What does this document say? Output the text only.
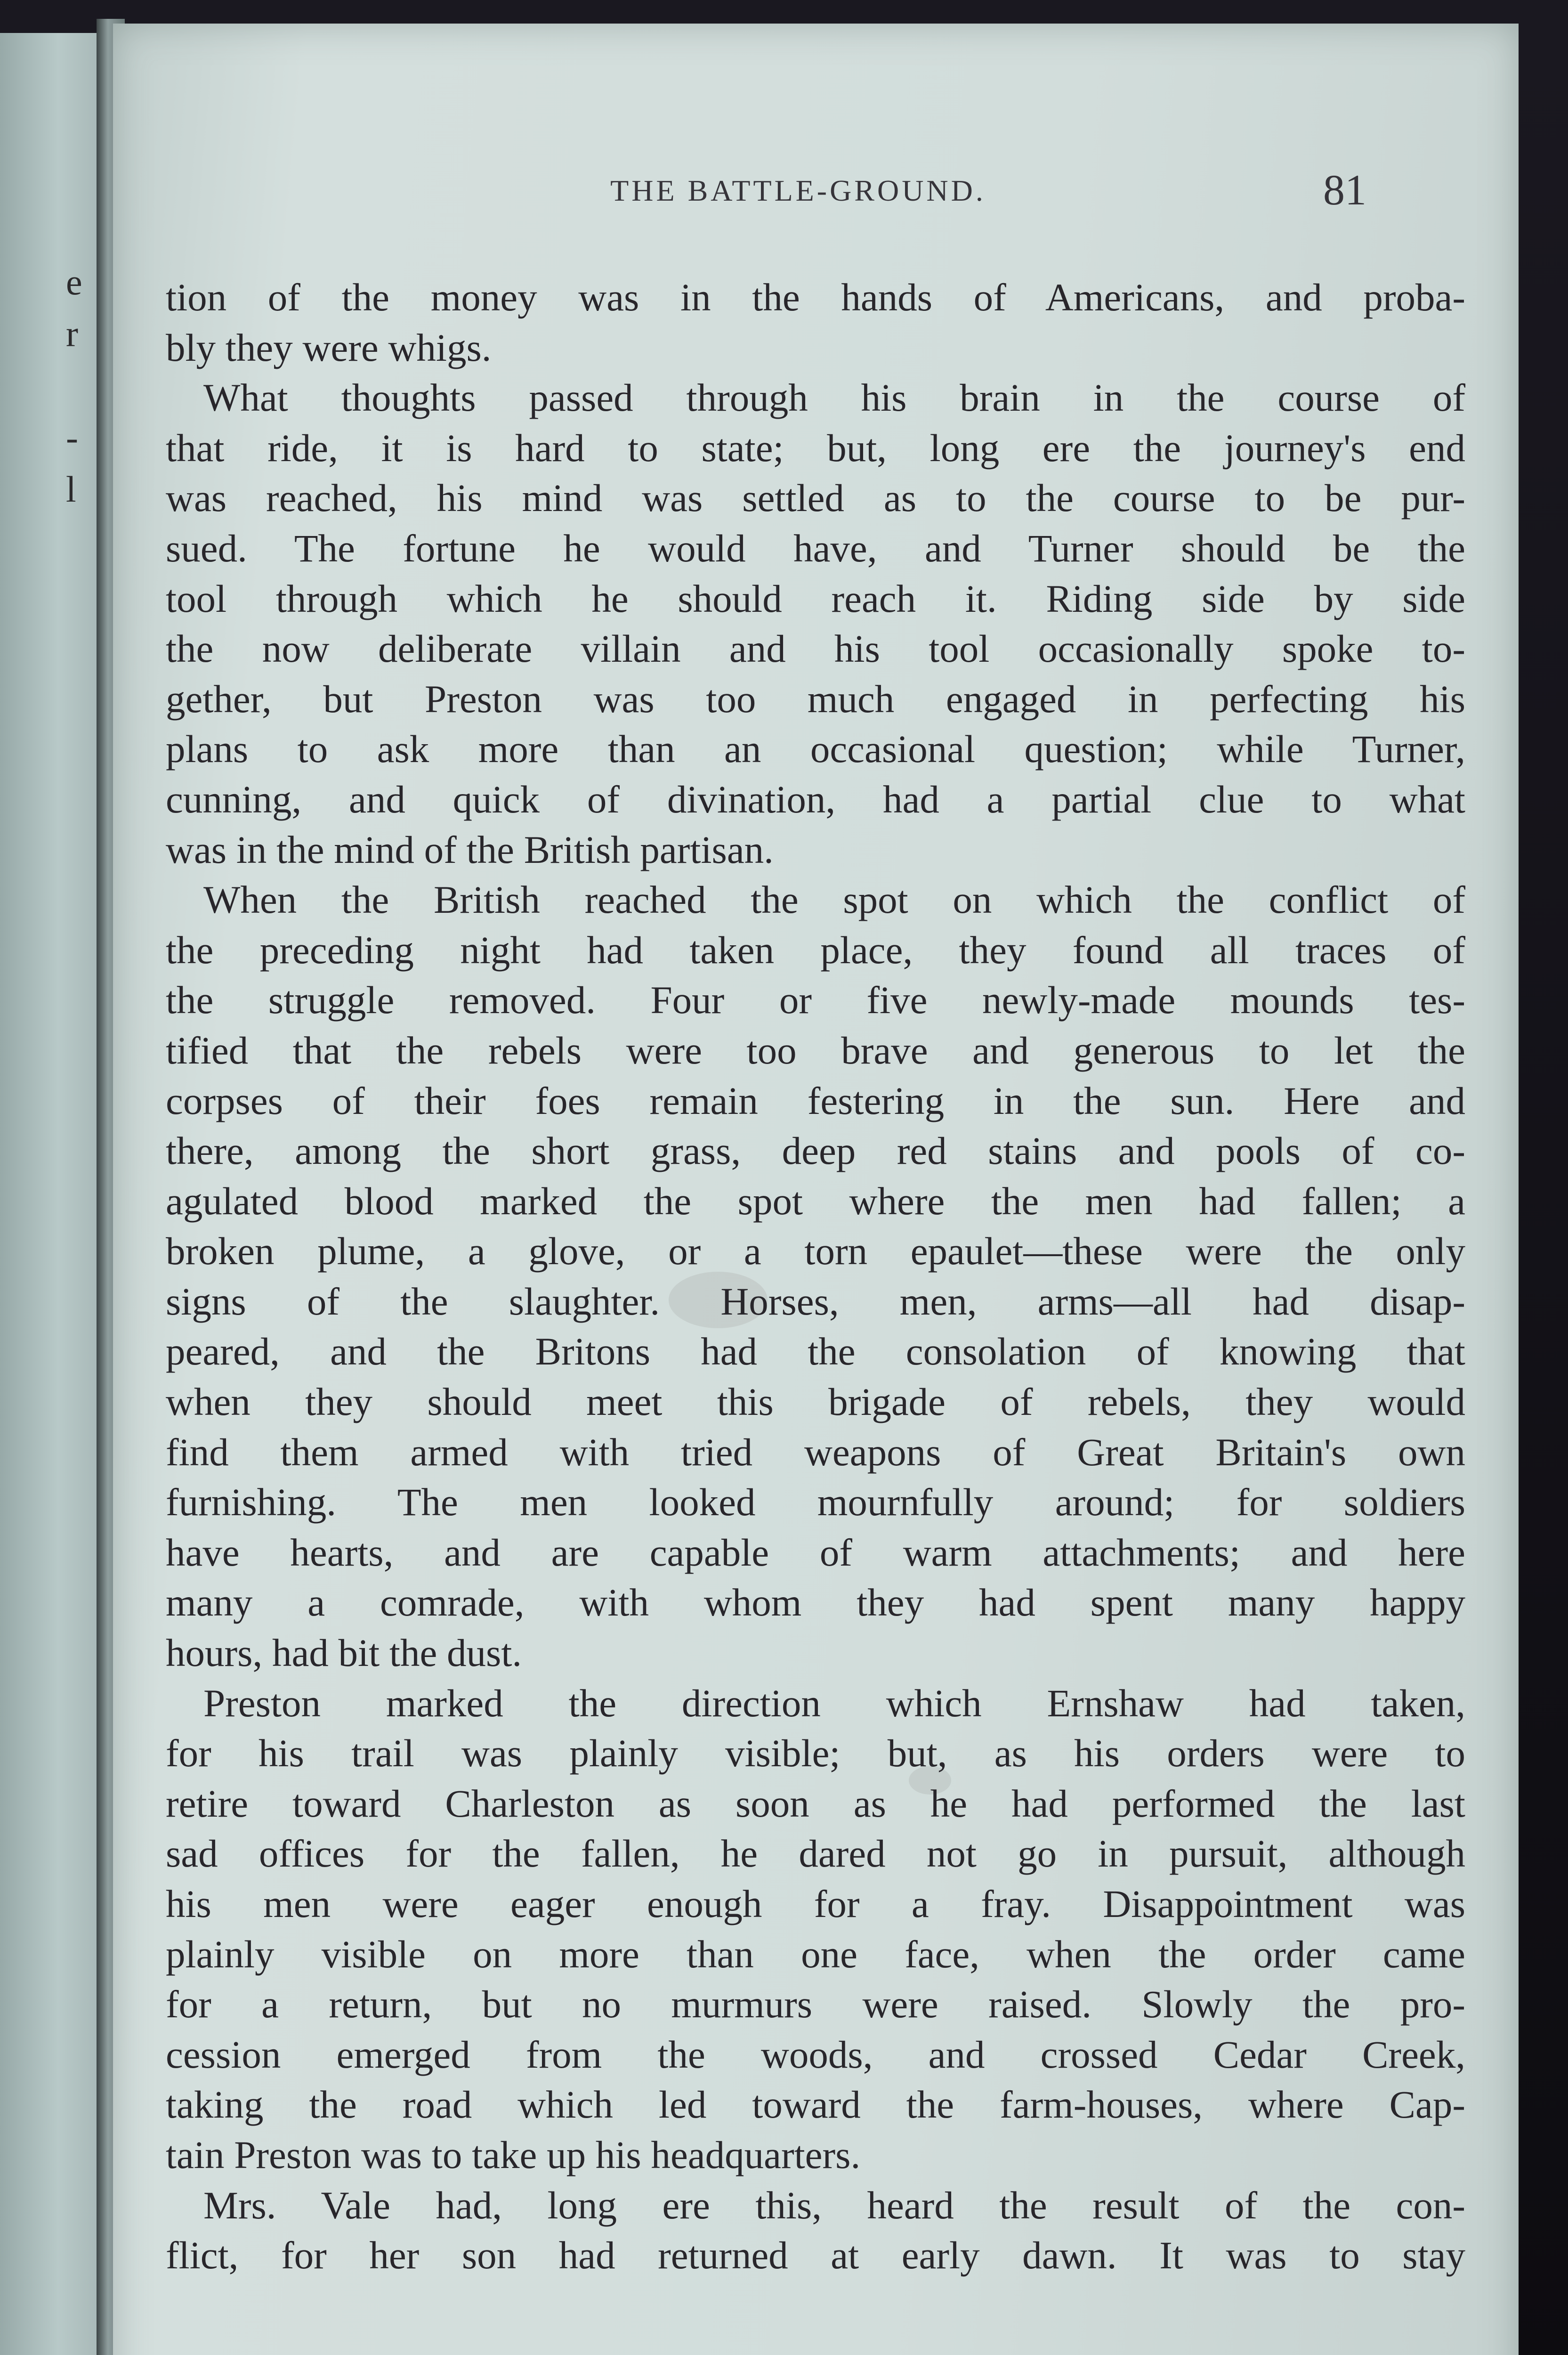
e
r
-
l
THE BATTLE-GROUND.	81
tion of the money was in the hands of Americans, and proba-
bly they were whigs.
What thoughts passed through his brain in the course of
that ride, it is hard to state; but, long ere the journey's end
was reached, his mind was settled as to the course to be pur-
sued. The fortune he would have, and Turner should be the
tool through which he should reach it. Riding side by side
the now deliberate villain and his tool occasionally spoke to-
gether, but Preston was too much engaged in perfecting his
plans to ask more than an occasional question; while Turner,
cunning, and quick of divination, had a partial clue to what
was in the mind of the British partisan.
When the British reached the spot on which the conflict of
the preceding night had taken place, they found all traces of
the struggle removed. Four or five newly-made mounds tes-
tified that the rebels were too brave and generous to let the
corpses of their foes remain festering in the sun. Here and
there, among the short grass, deep red stains and pools of co-
agulated blood marked the spot where the men had fallen; a
broken plume, a glove, or a torn epaulet—these were the only
signs of the slaughter. Horses, men, arms—all had disap-
peared, and the Britons had the consolation of knowing that
when they should meet this brigade of rebels, they would
find them armed with tried weapons of Great Britain's own
furnishing. The men looked mournfully around; for soldiers
have hearts, and are capable of warm attachments; and here
many a comrade, with whom they had spent many happy
hours, had bit the dust.
Preston marked the direction which Ernshaw had taken,
for his trail was plainly visible; but, as his orders were to
retire toward Charleston as soon as he had performed the last
sad offices for the fallen, he dared not go in pursuit, although
his men were eager enough for a fray. Disappointment was
plainly visible on more than one face, when the order came
for a return, but no murmurs were raised. Slowly the pro-
cession emerged from the woods, and crossed Cedar Creek,
taking the road which led toward the farm-houses, where Cap-
tain Preston was to take up his headquarters.
Mrs. Vale had, long ere this, heard the result of the con-
flict, for her son had returned at early dawn. It was to stay
